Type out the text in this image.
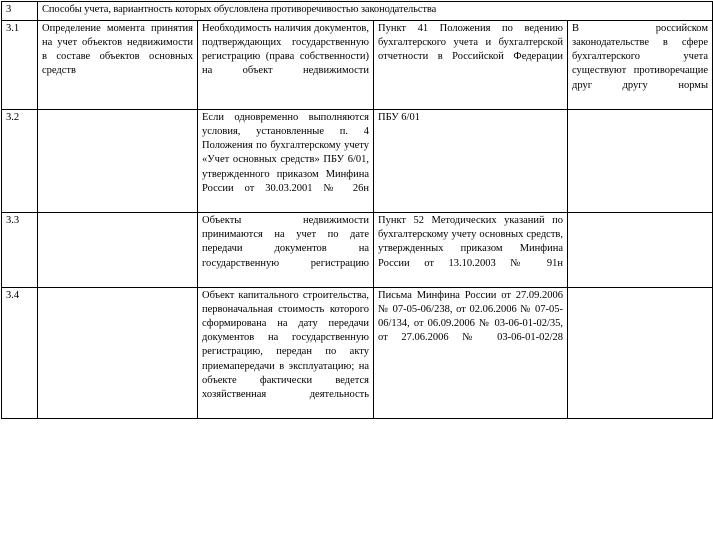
3	Способы учета, вариантность которых обусловлена противоречивостью законодательства			
3.1	Определение момента принятия на учет объектов недвижимости в составе объектов основных средств	Необходимость наличия документов, подтверждающих государственную регистрацию (права собственности) на объект недвижимости	Пункт 41 Положения по ведению бухгалтерского учета и бухгалтерской отчетности в Российской Федерации	В российском законодательстве в сфере бухгалтерского учета существуют противоречащие друг другу нормы

3.2		Если одновременно выполняются условия, установленные п. 4 Положения по бухгалтерскому учету «Учет основных средств» ПБУ 6/01, утвержденного приказом Минфина России от 30.03.2001 № 26н	ПБУ 6/01	

3.3		Объекты недвижимости принимаются на учет по дате передачи документов на государственную регистрацию	Пункт 52 Методических указаний по бухгалтерскому учету основных средств, утвержденных приказом Минфина России от 13.10.2003 № 91н	

3.4		Объект капитального строительства, первоначальная стоимость которого сформирована на дату передачи документов на государственную регистрацию, передан по акту приемапередачи в эксплуатацию; на объекте фактически ведется хозяйственная деятельность	Письма Минфина России от 27.09.2006 № 07-05-06/238, от 02.06.2006 № 07-05-06/134, от 06.09.2006 № 03-06-01-02/35, от 27.06.2006 № 03-06-01-02/28	
